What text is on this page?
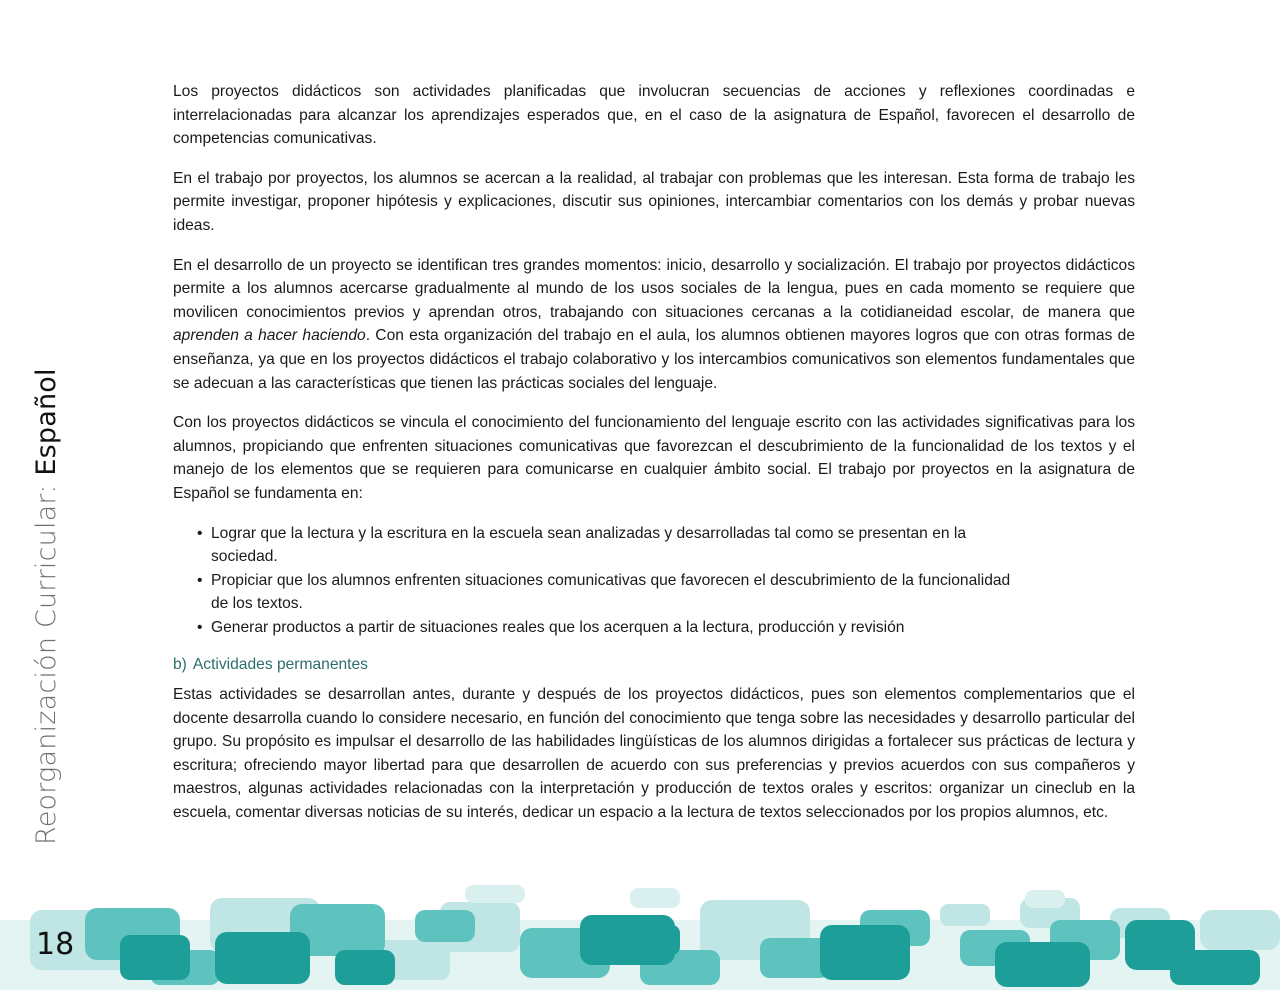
Reorganización Curricular: Español

Los proyectos didácticos son actividades planificadas que involucran secuencias de acciones y reflexiones coordinadas e interrelacionadas para alcanzar los aprendizajes esperados que, en el caso de la asignatura de Español, favorecen el desarrollo de competencias comunicativas.

En el trabajo por proyectos, los alumnos se acercan a la realidad, al trabajar con problemas que les interesan. Esta forma de trabajo les permite investigar, proponer hipótesis y explicaciones, discutir sus opiniones, intercambiar comentarios con los demás y probar nuevas ideas.

En el desarrollo de un proyecto se identifican tres grandes momentos: inicio, desarrollo y socialización. El trabajo por proyectos didácticos permite a los alumnos acercarse gradualmente al mundo de los usos sociales de la lengua, pues en cada momento se requiere que movilicen conocimientos previos y aprendan otros, trabajando con situaciones cercanas a la cotidianeidad escolar, de manera que aprenden a hacer haciendo. Con esta organización del trabajo en el aula, los alumnos obtienen mayores logros que con otras formas de enseñanza, ya que en los proyectos didácticos el trabajo colaborativo y los intercambios comunicativos son elementos fundamentales que se adecuan a las características que tienen las prácticas sociales del lenguaje.

Con los proyectos didácticos se vincula el conocimiento del funcionamiento del lenguaje escrito con las actividades significativas para los alumnos, propiciando que enfrenten situaciones comunicativas que favorezcan el descubrimiento de la funcionalidad de los textos y el manejo de los elementos que se requieren para comunicarse en cualquier ámbito social. El trabajo por proyectos en la asignatura de Español se fundamenta en:

• Lograr que la lectura y la escritura en la escuela sean analizadas y desarrolladas tal como se presentan en la sociedad.
• Propiciar que los alumnos enfrenten situaciones comunicativas que favorecen el descubrimiento de la funcionalidad de los textos.
• Generar productos a partir de situaciones reales que los acerquen a la lectura, producción y revisión
b) Actividades permanentes

Estas actividades se desarrollan antes, durante y después de los proyectos didácticos, pues son elementos complementarios que el docente desarrolla cuando lo considere necesario, en función del conocimiento que tenga sobre las necesidades y desarrollo particular del grupo. Su propósito es impulsar el desarrollo de las habilidades lingüísticas de los alumnos dirigidas a fortalecer sus prácticas de lectura y escritura; ofreciendo mayor libertad para que desarrollen de acuerdo con sus preferencias y previos acuerdos con sus compañeros y maestros, algunas actividades relacionadas con la interpretación y producción de textos orales y escritos: organizar un cineclub en la escuela, comentar diversas noticias de su interés, dedicar un espacio a la lectura de textos seleccionados por los propios alumnos, etc.

18
